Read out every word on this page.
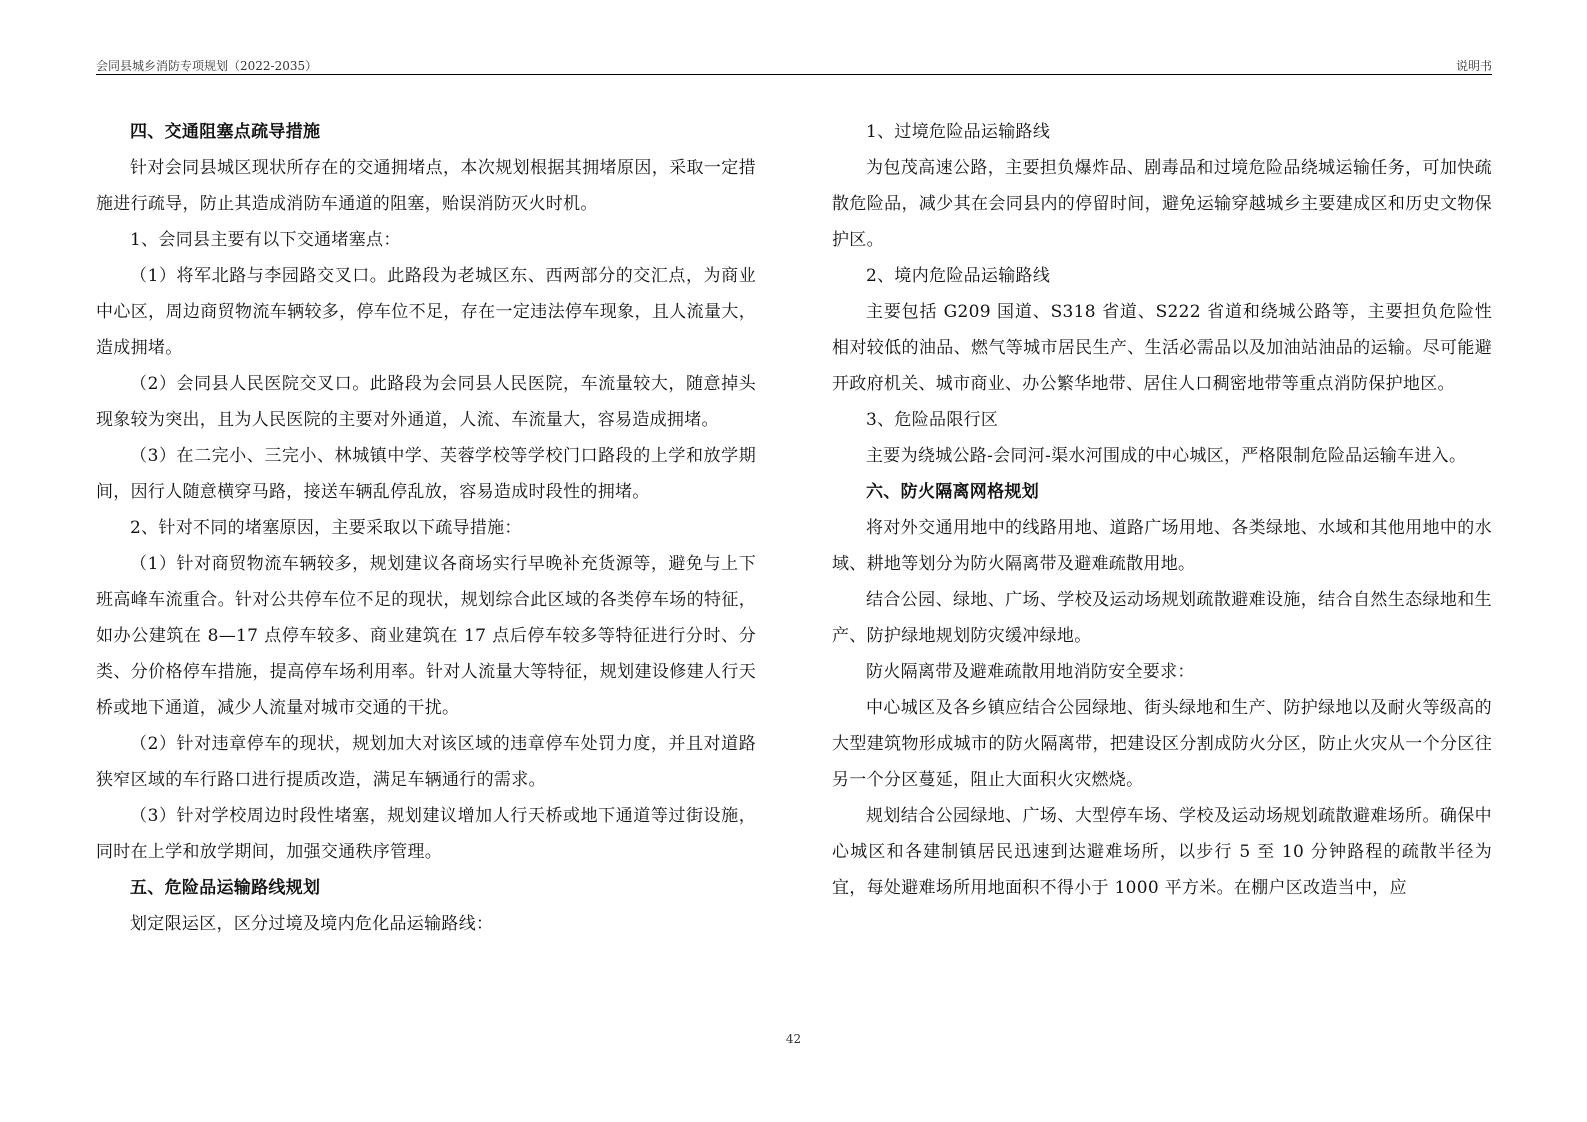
会同县城乡消防专项规划（2022-2035）	说明书

四、交通阻塞点疏导措施

针对会同县城区现状所存在的交通拥堵点，本次规划根据其拥堵原因，采取一定措施进行疏导，防止其造成消防车通道的阻塞，贻误消防灭火时机。

1、会同县主要有以下交通堵塞点：

（1）将军北路与李园路交叉口。此路段为老城区东、西两部分的交汇点，为商业中心区，周边商贸物流车辆较多，停车位不足，存在一定违法停车现象，且人流量大，造成拥堵。

（2）会同县人民医院交叉口。此路段为会同县人民医院，车流量较大，随意掉头现象较为突出，且为人民医院的主要对外通道，人流、车流量大，容易造成拥堵。

（3）在二完小、三完小、林城镇中学、芙蓉学校等学校门口路段的上学和放学期间，因行人随意横穿马路，接送车辆乱停乱放，容易造成时段性的拥堵。

2、针对不同的堵塞原因，主要采取以下疏导措施：

（1）针对商贸物流车辆较多，规划建议各商场实行早晚补充货源等，避免与上下班高峰车流重合。针对公共停车位不足的现状，规划综合此区域的各类停车场的特征，如办公建筑在 8—17 点停车较多、商业建筑在 17 点后停车较多等特征进行分时、分类、分价格停车措施，提高停车场利用率。针对人流量大等特征，规划建设修建人行天桥或地下通道，减少人流量对城市交通的干扰。

（2）针对违章停车的现状，规划加大对该区域的违章停车处罚力度，并且对道路狭窄区域的车行路口进行提质改造，满足车辆通行的需求。

（3）针对学校周边时段性堵塞，规划建议增加人行天桥或地下通道等过街设施，同时在上学和放学期间，加强交通秩序管理。

五、危险品运输路线规划

划定限运区，区分过境及境内危化品运输路线：

1、过境危险品运输路线

为包茂高速公路，主要担负爆炸品、剧毒品和过境危险品绕城运输任务，可加快疏散危险品，减少其在会同县内的停留时间，避免运输穿越城乡主要建成区和历史文物保护区。

2、境内危险品运输路线

主要包括 G209 国道、S318 省道、S222 省道和绕城公路等，主要担负危险性相对较低的油品、燃气等城市居民生产、生活必需品以及加油站油品的运输。尽可能避开政府机关、城市商业、办公繁华地带、居住人口稠密地带等重点消防保护地区。

3、危险品限行区

主要为绕城公路-会同河-渠水河围成的中心城区，严格限制危险品运输车进入。

六、防火隔离网格规划

将对外交通用地中的线路用地、道路广场用地、各类绿地、水域和其他用地中的水域、耕地等划分为防火隔离带及避难疏散用地。

结合公园、绿地、广场、学校及运动场规划疏散避难设施，结合自然生态绿地和生产、防护绿地规划防灾缓冲绿地。

防火隔离带及避难疏散用地消防安全要求：

中心城区及各乡镇应结合公园绿地、街头绿地和生产、防护绿地以及耐火等级高的大型建筑物形成城市的防火隔离带，把建设区分割成防火分区，防止火灾从一个分区往另一个分区蔓延，阻止大面积火灾燃烧。

规划结合公园绿地、广场、大型停车场、学校及运动场规划疏散避难场所。确保中心城区和各建制镇居民迅速到达避难场所，以步行 5 至 10 分钟路程的疏散半径为宜，每处避难场所用地面积不得小于 1000 平方米。在棚户区改造当中，应

42
